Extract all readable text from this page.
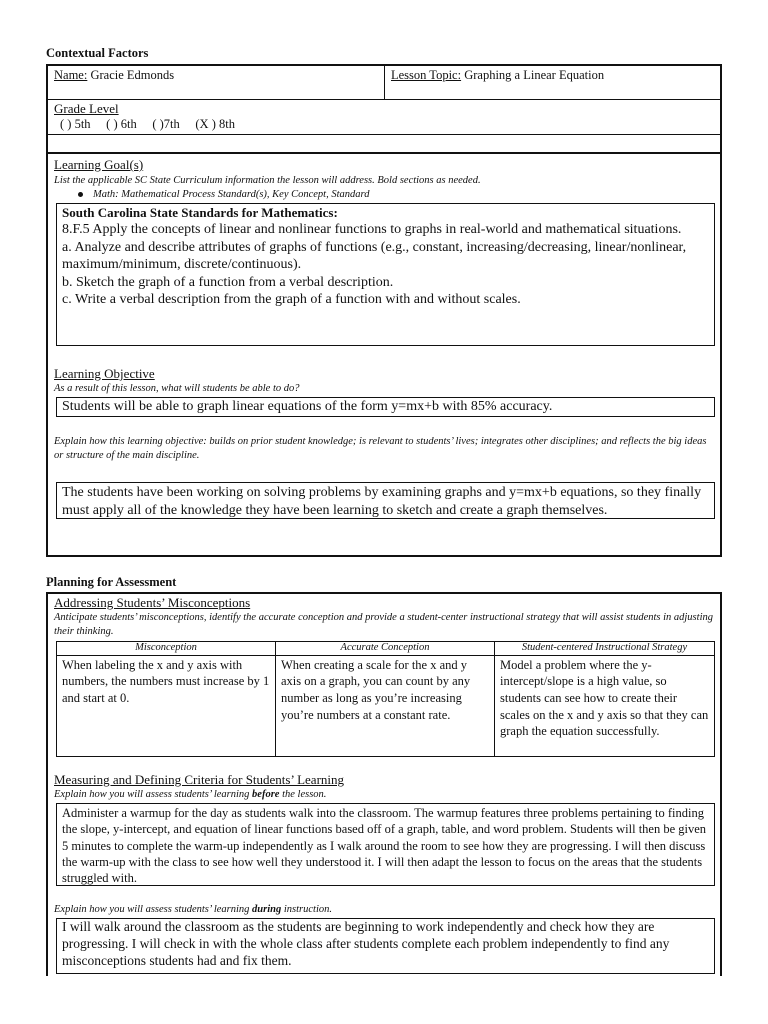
Contextual Factors
Name: Gracie Edmonds	Lesson Topic: Graphing a Linear Equation
Grade Level
( ) 5th     ( ) 6th     ( )7th     (X ) 8th
Learning Goal(s)
List the applicable SC State Curriculum information the lesson will address. Bold sections as needed.
Math: Mathematical Process Standard(s), Key Concept, Standard
South Carolina State Standards for Mathematics:
8.F.5 Apply the concepts of linear and nonlinear functions to graphs in real-world and mathematical situations.
a. Analyze and describe attributes of graphs of functions (e.g., constant, increasing/decreasing, linear/nonlinear, maximum/minimum, discrete/continuous).
b. Sketch the graph of a function from a verbal description.
c. Write a verbal description from the graph of a function with and without scales.
Learning Objective
As a result of this lesson, what will students be able to do?
Students will be able to graph linear equations of the form y=mx+b with 85% accuracy.
Explain how this learning objective: builds on prior student knowledge; is relevant to students’ lives; integrates other disciplines; and reflects the big ideas or structure of the main discipline.
The students have been working on solving problems by examining graphs and y=mx+b equations, so they finally must apply all of the knowledge they have been learning to sketch and create a graph themselves.
Planning for Assessment
Addressing Students’ Misconceptions
Anticipate students’ misconceptions, identify the accurate conception and provide a student-center instructional strategy that will assist students in adjusting their thinking.
Misconception	Accurate Conception	Student-centered Instructional Strategy
When labeling the x and y axis with numbers, the numbers must increase by 1 and start at 0.	When creating a scale for the x and y axis on a graph, you can count by any number as long as you’re increasing you’re numbers at a constant rate.	Model a problem where the y-intercept/slope is a high value, so students can see how to create their scales on the x and y axis so that they can graph the equation successfully.
Measuring and Defining Criteria for Students’ Learning
Explain how you will assess students’ learning before the lesson.
Administer a warmup for the day as students walk into the classroom. The warmup features three problems pertaining to finding the slope, y-intercept, and equation of linear functions based off of a graph, table, and word problem. Students will then be given 5 minutes to complete the warm-up independently as I walk around the room to see how they are progressing. I will then discuss the warm-up with the class to see how well they understood it. I will then adapt the lesson to focus on the areas that the students struggled with.
Explain how you will assess students’ learning during instruction.
I will walk around the classroom as the students are beginning to work independently and check how they are progressing. I will check in with the whole class after students complete each problem independently to find any misconceptions students had and fix them.
